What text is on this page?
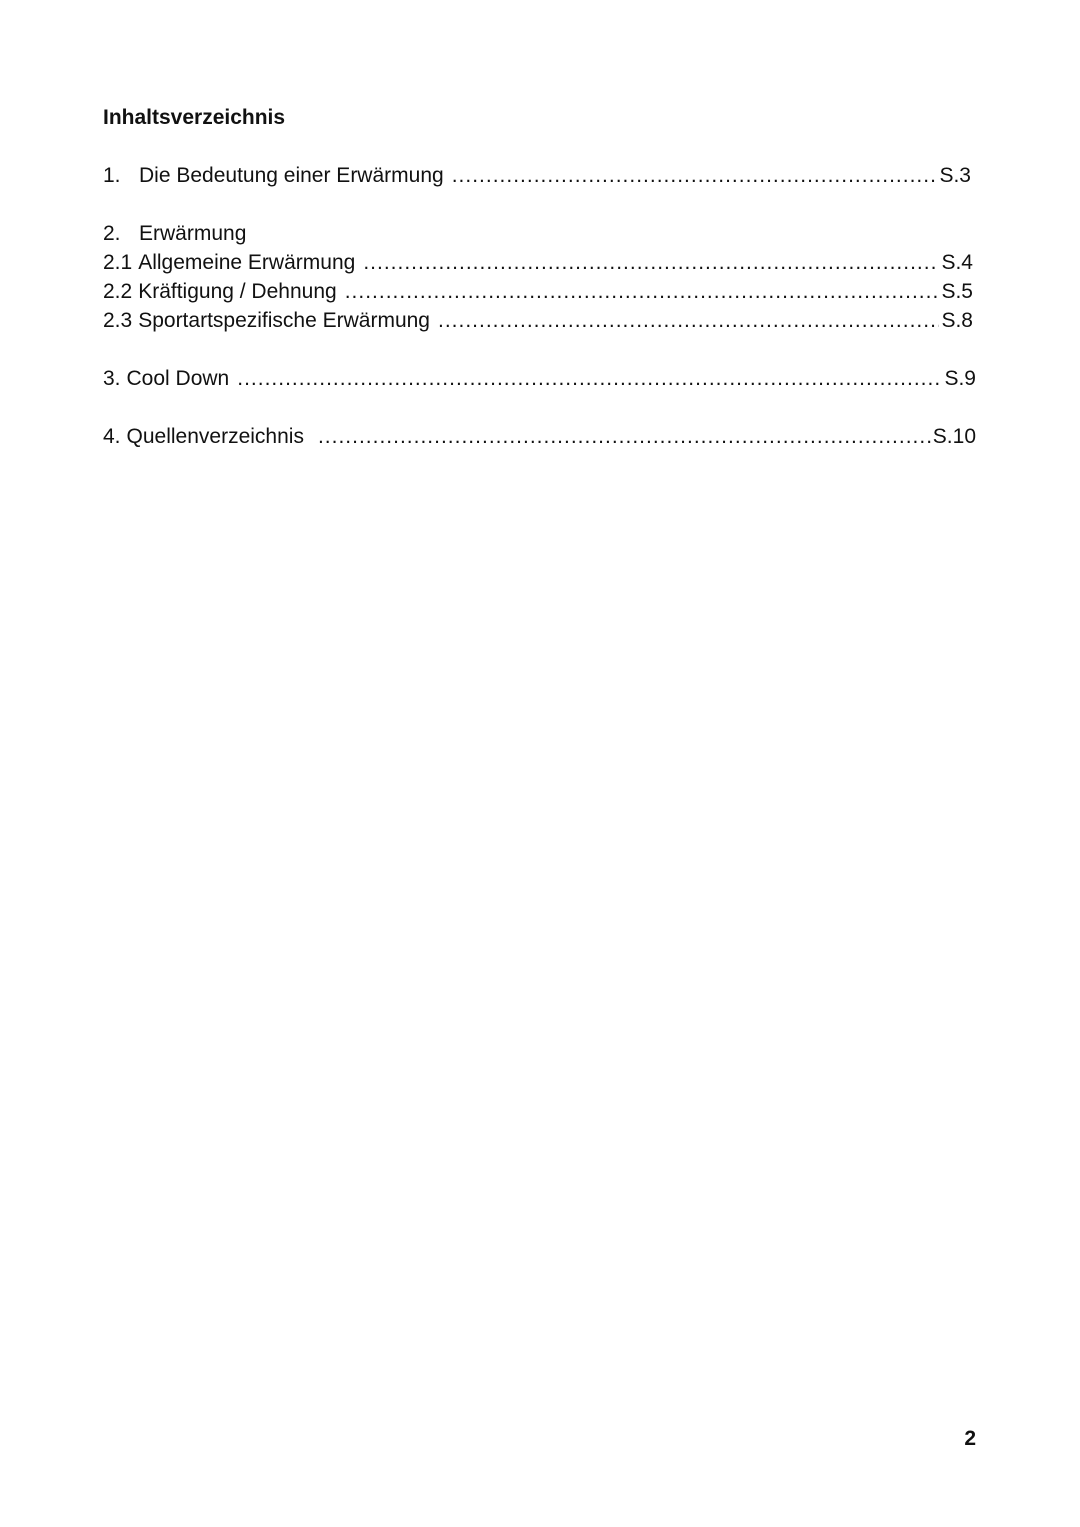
Inhaltsverzeichnis
1. Die Bedeutung einer Erwärmung .....	S.3
2. Erwärmung
2.1 Allgemeine Erwärmung .....	S.4
2.2 Kräftigung / Dehnung .....	S.5
2.3 Sportartspezifische Erwärmung .....	S.8
3. Cool Down .....	S.9
4. Quellenverzeichnis .....	S.10
2
